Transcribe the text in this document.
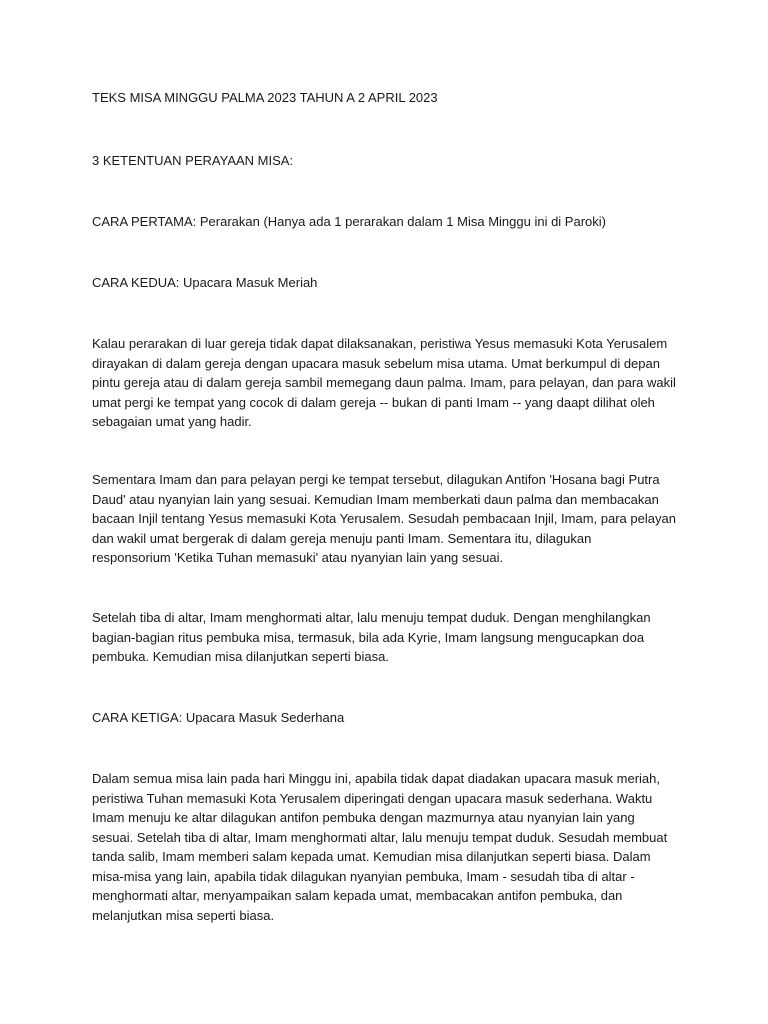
TEKS MISA MINGGU PALMA 2023 TAHUN A 2 APRIL 2023
3 KETENTUAN PERAYAAN MISA:
CARA PERTAMA: Perarakan (Hanya ada 1 perarakan dalam 1 Misa Minggu ini di Paroki)
CARA KEDUA: Upacara Masuk Meriah
Kalau perarakan di luar gereja tidak dapat dilaksanakan, peristiwa Yesus memasuki Kota Yerusalem
dirayakan di dalam gereja dengan upacara masuk sebelum misa utama. Umat berkumpul di depan
pintu gereja atau di dalam gereja sambil memegang daun palma. Imam, para pelayan, dan para wakil
umat pergi ke tempat yang cocok di dalam gereja -- bukan di panti Imam -- yang daapt dilihat oleh
sebagaian umat yang hadir.
Sementara Imam dan para pelayan pergi ke tempat tersebut, dilagukan Antifon 'Hosana bagi Putra
Daud' atau nyanyian lain yang sesuai. Kemudian Imam memberkati daun palma dan membacakan
bacaan Injil tentang Yesus memasuki Kota Yerusalem. Sesudah pembacaan Injil, Imam, para pelayan
dan wakil umat bergerak di dalam gereja menuju panti Imam. Sementara itu, dilagukan
responsorium 'Ketika Tuhan memasuki' atau nyanyian lain yang sesuai.
Setelah tiba di altar, Imam menghormati altar, lalu menuju tempat duduk. Dengan menghilangkan
bagian-bagian ritus pembuka misa, termasuk, bila ada Kyrie, Imam langsung mengucapkan doa
pembuka. Kemudian misa dilanjutkan seperti biasa.
CARA KETIGA: Upacara Masuk Sederhana
Dalam semua misa lain pada hari Minggu ini, apabila tidak dapat diadakan upacara masuk meriah,
peristiwa Tuhan memasuki Kota Yerusalem diperingati dengan upacara masuk sederhana. Waktu
Imam menuju ke altar dilagukan antifon pembuka dengan mazmurnya atau nyanyian lain yang
sesuai. Setelah tiba di altar, Imam menghormati altar, lalu menuju tempat duduk. Sesudah membuat
tanda salib, Imam memberi salam kepada umat. Kemudian misa dilanjutkan seperti biasa. Dalam
misa-misa yang lain, apabila tidak dilagukan nyanyian pembuka, Imam - sesudah tiba di altar -
menghormati altar, menyampaikan salam kepada umat, membacakan antifon pembuka, dan
melanjutkan misa seperti biasa.
